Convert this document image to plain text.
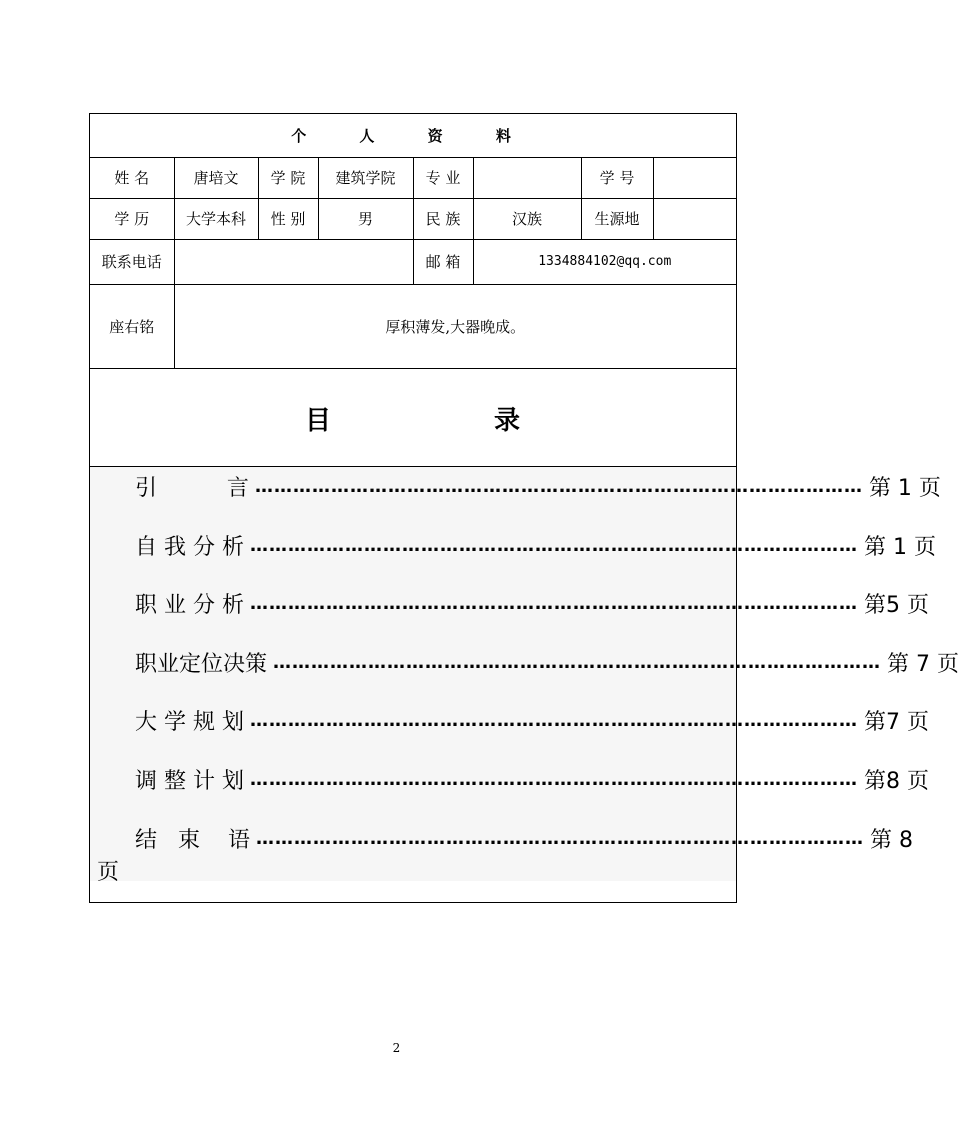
个 人 资 料							
姓 名	唐培文	学 院	建筑学院	专 业		学 号	
学 历	大学本科	性 别	男	民 族	汉族	生源地	
联系电话				邮 箱	1334884102@qq.com		
座右铭	厚积薄发,大器晚成。						
目	录
引          言 …………………………………………………………………………………… 第 1 页
自 我 分 析 …………………………………………………………………………………… 第 1 页
职 业 分 析 …………………………………………………………………………………… 第5 页
职业定位决策 …………………………………………………………………………………… 第 7 页
大 学 规 划 …………………………………………………………………………………… 第7 页
调 整 计 划 …………………………………………………………………………………… 第8 页
结   束    语 …………………………………………………………………………………… 第 8
页
2
